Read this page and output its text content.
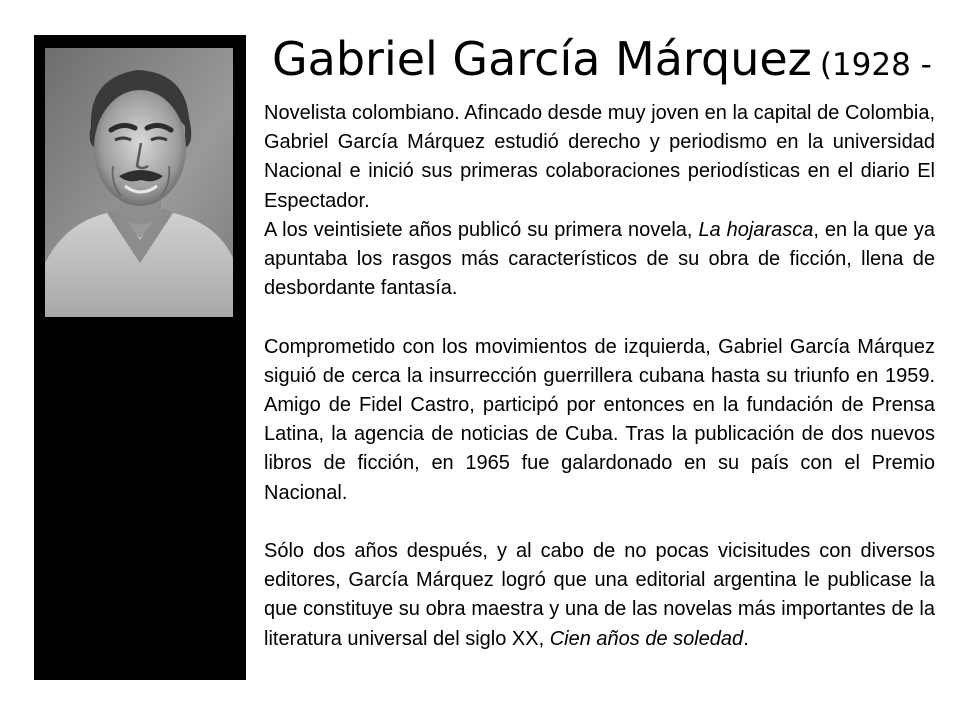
Gabriel García Márquez (1928 -

Novelista colombiano. Afincado desde muy joven en la capital de Colombia, Gabriel García Márquez estudió derecho y periodismo en la universidad Nacional e inició sus primeras colaboraciones periodísticas en el diario El Espectador.

A los veintisiete años publicó su primera novela, La hojarasca, en la que ya apuntaba los rasgos más característicos de su obra de ficción, llena de desbordante fantasía.

Comprometido con los movimientos de izquierda, Gabriel García Márquez siguió de cerca la insurrección guerrillera cubana hasta su triunfo en 1959. Amigo de Fidel Castro, participó por entonces en la fundación de Prensa Latina, la agencia de noticias de Cuba. Tras la publicación de dos nuevos libros de ficción, en 1965 fue galardonado en su país con el Premio Nacional.

Sólo dos años después, y al cabo de no pocas vicisitudes con diversos editores, García Márquez logró que una editorial argentina le publicase la que constituye su obra maestra y una de las novelas más importantes de la literatura universal del siglo XX, Cien años de soledad.
